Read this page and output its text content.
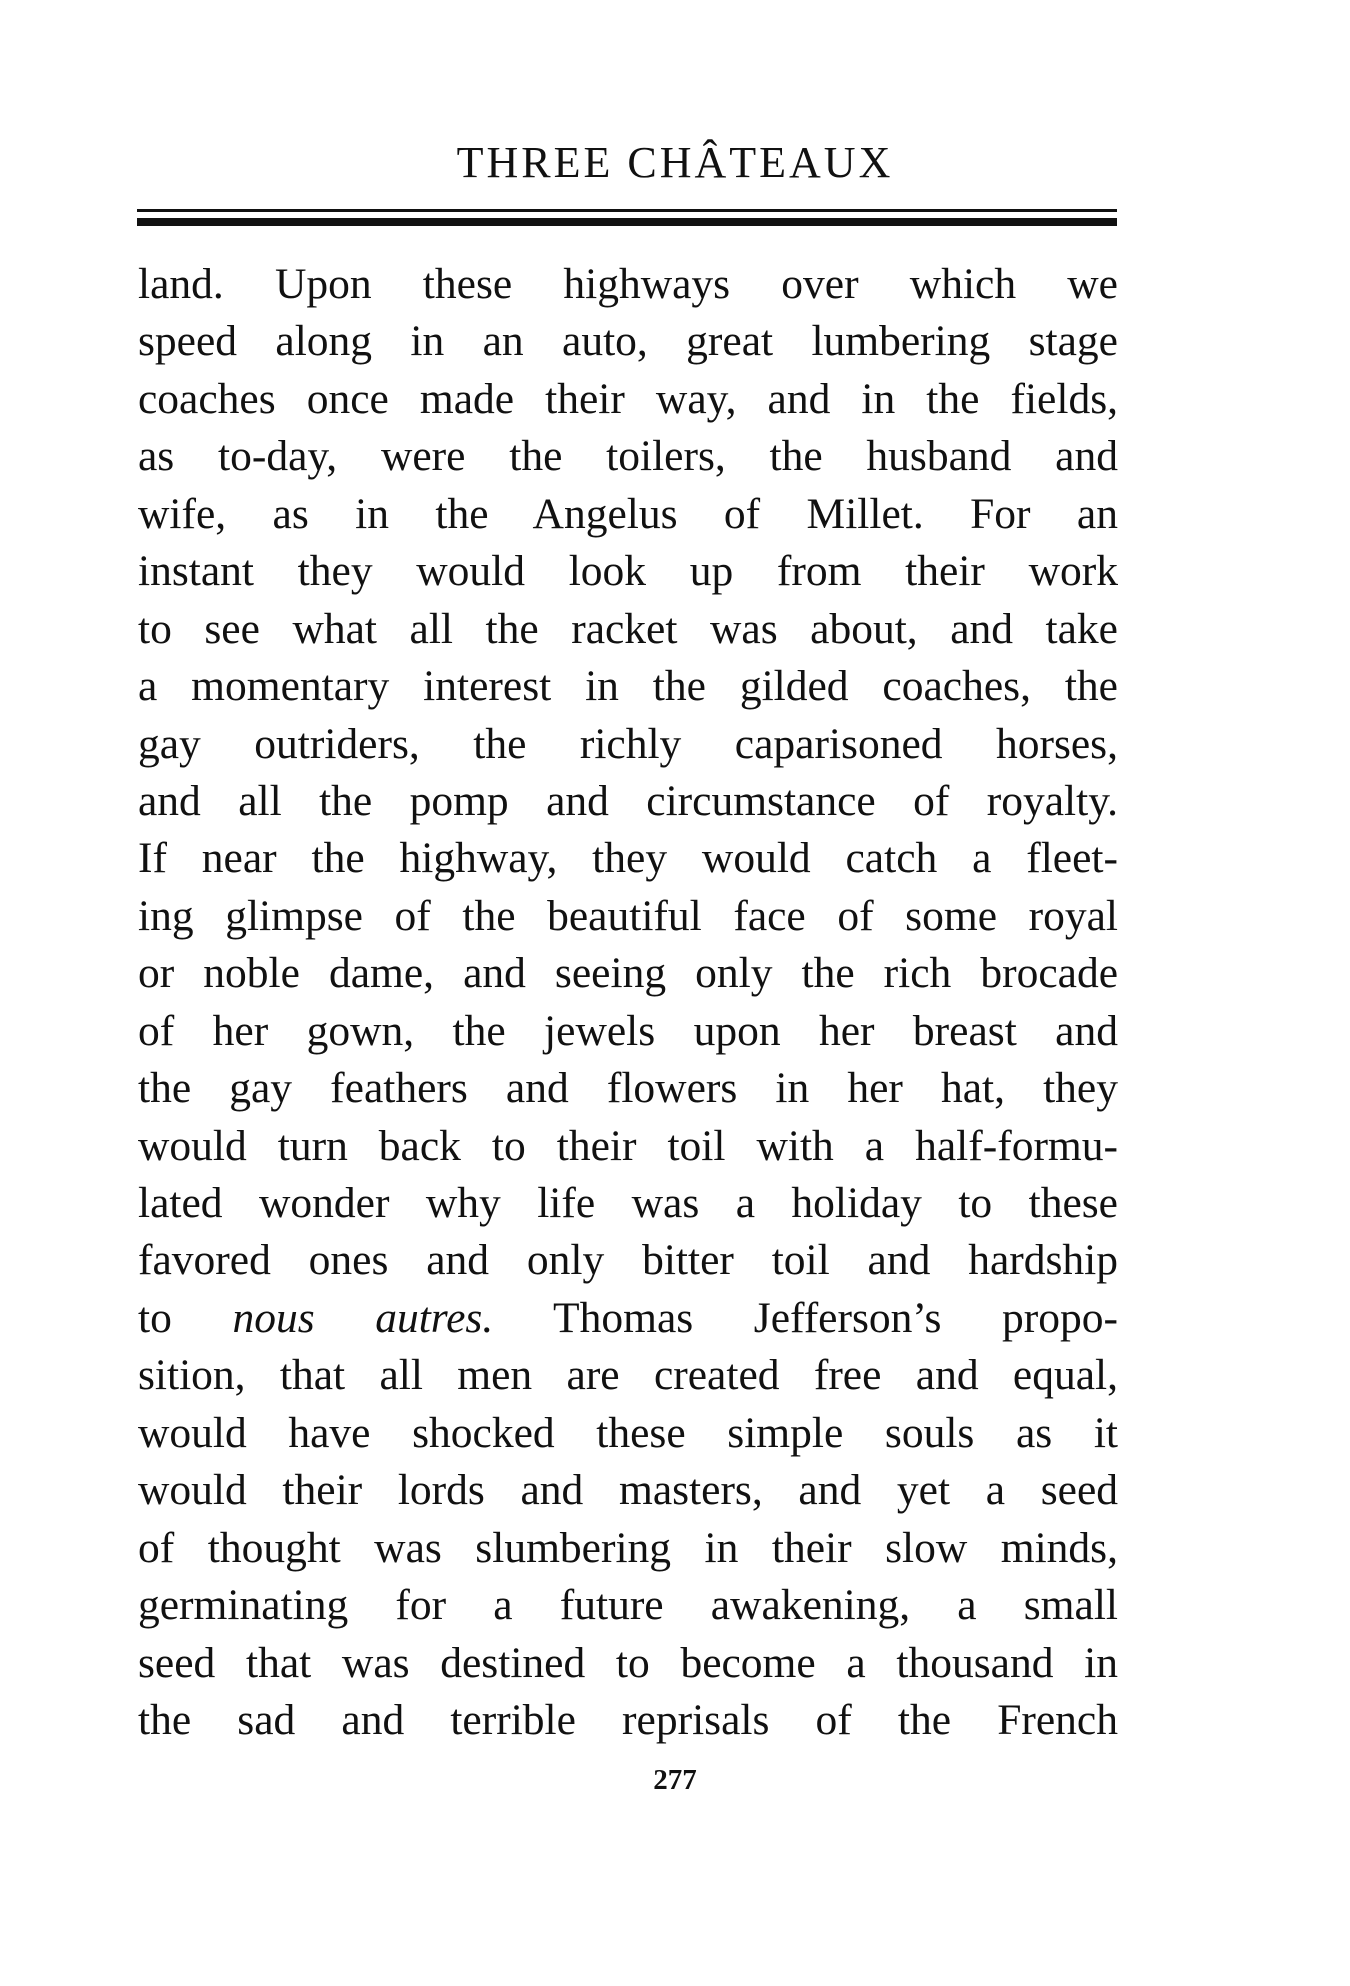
THREE CHÂTEAUX
land. Upon these highways over which we
speed along in an auto, great lumbering stage
coaches once made their way, and in the fields,
as to-day, were the toilers, the husband and
wife, as in the Angelus of Millet. For an
instant they would look up from their work
to see what all the racket was about, and take
a momentary interest in the gilded coaches, the
gay outriders, the richly caparisoned horses,
and all the pomp and circumstance of royalty.
If near the highway, they would catch a fleet-
ing glimpse of the beautiful face of some royal
or noble dame, and seeing only the rich brocade
of her gown, the jewels upon her breast and
the gay feathers and flowers in her hat, they
would turn back to their toil with a half-formu-
lated wonder why life was a holiday to these
favored ones and only bitter toil and hardship
to nous autres. Thomas Jefferson’s propo-
sition, that all men are created free and equal,
would have shocked these simple souls as it
would their lords and masters, and yet a seed
of thought was slumbering in their slow minds,
germinating for a future awakening, a small
seed that was destined to become a thousand in
the sad and terrible reprisals of the French
277
